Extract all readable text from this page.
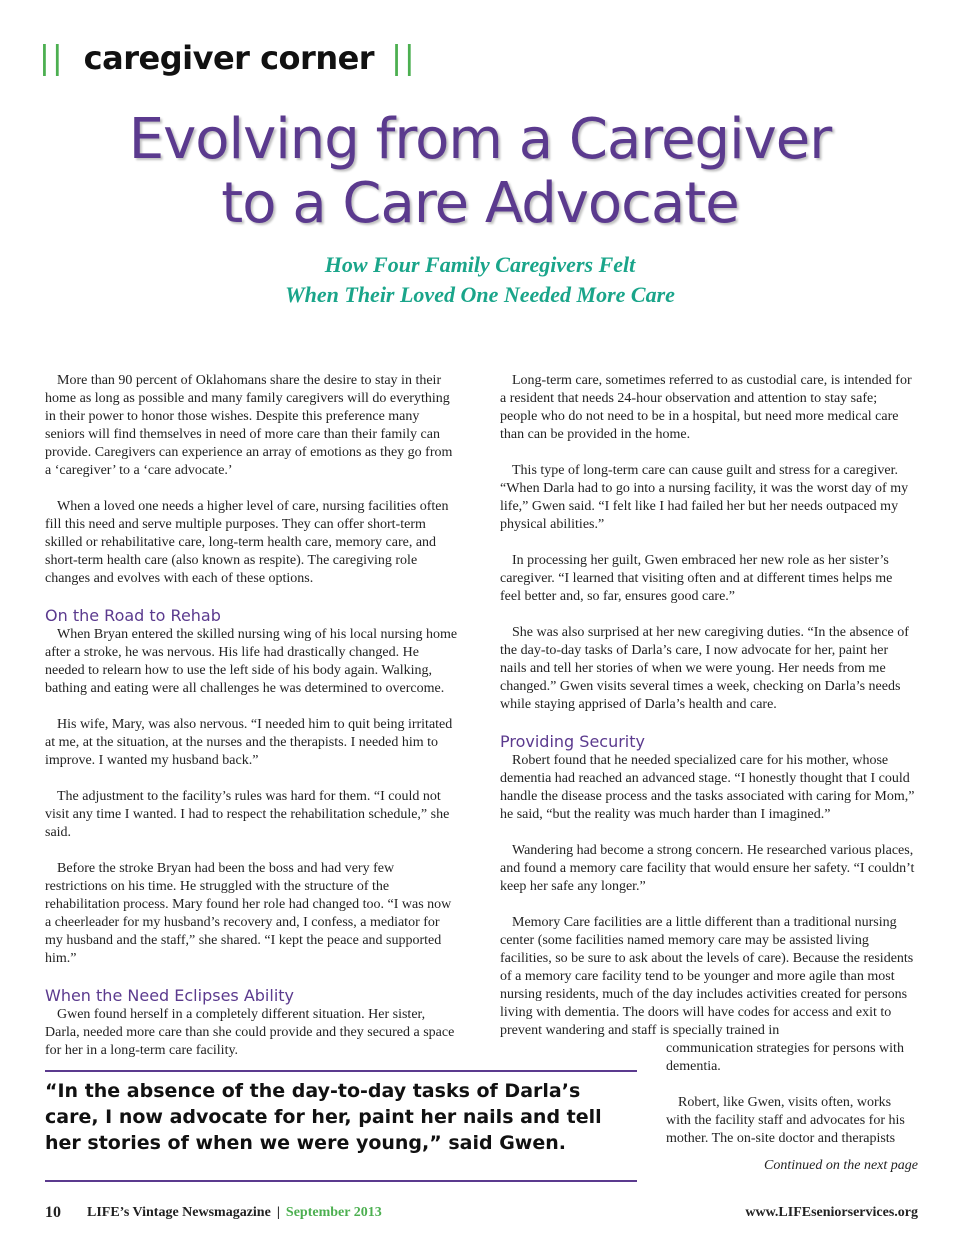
|| caregiver corner ||
Evolving from a Caregiver
to a Care Advocate
How Four Family Caregivers Felt
When Their Loved One Needed More Care

More than 90 percent of Oklahomans share the desire to stay in their home as long as possible and many family caregivers will do everything in their power to honor those wishes. Despite this preference many seniors will find themselves in need of more care than their family can provide. Caregivers can experience an array of emotions as they go from a ‘caregiver’ to a ‘care advocate.’

When a loved one needs a higher level of care, nursing facilities often fill this need and serve multiple purposes. They can offer short-term skilled or rehabilitative care, long-term health care, memory care, and short-term health care (also known as respite). The caregiving role changes and evolves with each of these options.

On the Road to Rehab

When Bryan entered the skilled nursing wing of his local nursing home after a stroke, he was nervous. His life had drastically changed. He needed to relearn how to use the left side of his body again. Walking, bathing and eating were all challenges he was determined to overcome.

His wife, Mary, was also nervous. “I needed him to quit being irritated at me, at the situation, at the nurses and the therapists. I needed him to improve. I wanted my husband back.”

The adjustment to the facility’s rules was hard for them. “I could not visit any time I wanted. I had to respect the rehabilitation schedule,” she said.

Before the stroke Bryan had been the boss and had very few restrictions on his time. He struggled with the structure of the rehabilitation process. Mary found her role had changed too. “I was now a cheerleader for my husband’s recovery and, I confess, a mediator for my husband and the staff,” she shared. “I kept the peace and supported him.”

When the Need Eclipses Ability

Gwen found herself in a completely different situation. Her sister, Darla, needed more care than she could provide and they secured a space for her in a long-term care facility.

Long-term care, sometimes referred to as custodial care, is intended for a resident that needs 24-hour observation and attention to stay safe; people who do not need to be in a hospital, but need more medical care than can be provided in the home.

This type of long-term care can cause guilt and stress for a caregiver. “When Darla had to go into a nursing facility, it was the worst day of my life,” Gwen said. “I felt like I had failed her but her needs outpaced my physical abilities.”

In processing her guilt, Gwen embraced her new role as her sister’s caregiver. “I learned that visiting often and at different times helps me feel better and, so far, ensures good care.”

She was also surprised at her new caregiving duties. “In the absence of the day-to-day tasks of Darla’s care, I now advocate for her, paint her nails and tell her stories of when we were young. Her needs from me changed.” Gwen visits several times a week, checking on Darla’s needs while staying apprised of Darla’s health and care.

Providing Security

Robert found that he needed specialized care for his mother, whose dementia had reached an advanced stage. “I honestly thought that I could handle the disease process and the tasks associated with caring for Mom,” he said, “but the reality was much harder than I imagined.”

Wandering had become a strong concern. He researched various places, and found a memory care facility that would ensure her safety. “I couldn’t keep her safe any longer.”

Memory Care facilities are a little different than a traditional nursing center (some facilities named memory care may be assisted living facilities, so be sure to ask about the levels of care). Because the residents of a memory care facility tend to be younger and more agile than most nursing residents, much of the day includes activities created for persons living with dementia. The doors will have codes for access and exit to prevent wandering and staff is specially trained in

communication strategies for persons with dementia.

Robert, like Gwen, visits often, works with the facility staff and advocates for his mother. The on-site doctor and therapists

“In the absence of the day-to-day tasks of Darla’s care, I now advocate for her, paint her nails and tell her stories of when we were young,” said Gwen.
Continued on the next page
10 LIFE’s Vintage Newsmagazine | September 2013	www.LIFEseniorservices.org
